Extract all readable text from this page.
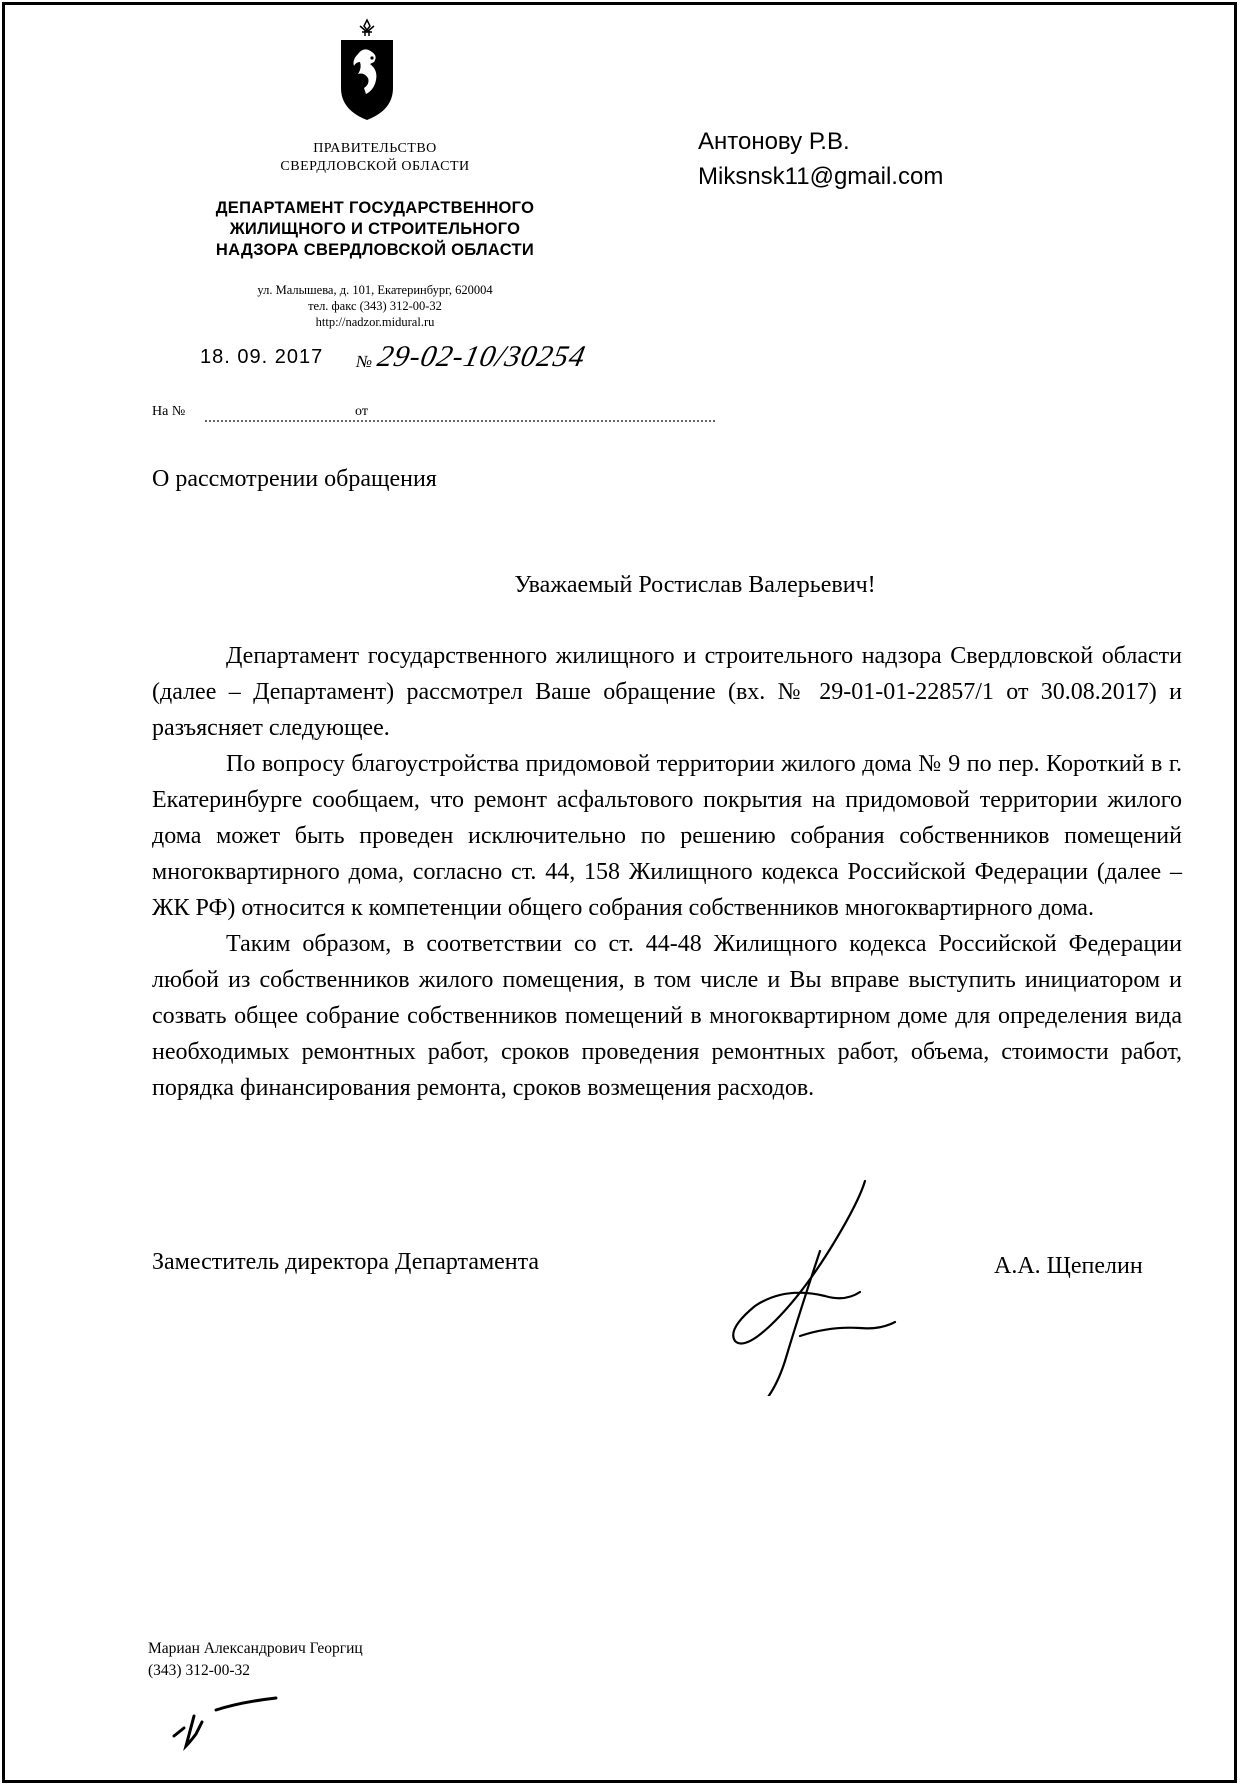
ПРАВИТЕЛЬСТВО
СВЕРДЛОВСКОЙ ОБЛАСТИ
ДЕПАРТАМЕНТ ГОСУДАРСТВЕННОГО
ЖИЛИЩНОГО И СТРОИТЕЛЬНОГО
НАДЗОРА СВЕРДЛОВСКОЙ ОБЛАСТИ
ул. Малышева, д. 101, Екатеринбург, 620004
тел. факс (343) 312-00-32
http://nadzor.midural.ru
18. 09. 2017 № 29-02-10/30254
На №	от
Антонову Р.В.
Miksnsk11@gmail.com
О рассмотрении обращения
Уважаемый Ростислав Валерьевич!

Департамент государственного жилищного и строительного надзора Свердловской области (далее – Департамент) рассмотрел Ваше обращение (вх. № 29-01-01-22857/1 от 30.08.2017) и разъясняет следующее.

По вопросу благоустройства придомовой территории жилого дома № 9 по пер. Короткий в г. Екатеринбурге сообщаем, что ремонт асфальтового покрытия на придомовой территории жилого дома может быть проведен исключительно по решению собрания собственников помещений многоквартирного дома, согласно ст. 44, 158 Жилищного кодекса Российской Федерации (далее – ЖК РФ) относится к компетенции общего собрания собственников многоквартирного дома.

Таким образом, в соответствии со ст. 44-48 Жилищного кодекса Российской Федерации любой из собственников жилого помещения, в том числе и Вы вправе выступить инициатором и созвать общее собрание собственников помещений в многоквартирном доме для определения вида необходимых ремонтных работ, сроков проведения ремонтных работ, объема, стоимости работ, порядка финансирования ремонта, сроков возмещения расходов.

Заместитель директора Департамента	А.А. Щепелин
Мариан Александрович Георгиц
(343) 312-00-32
